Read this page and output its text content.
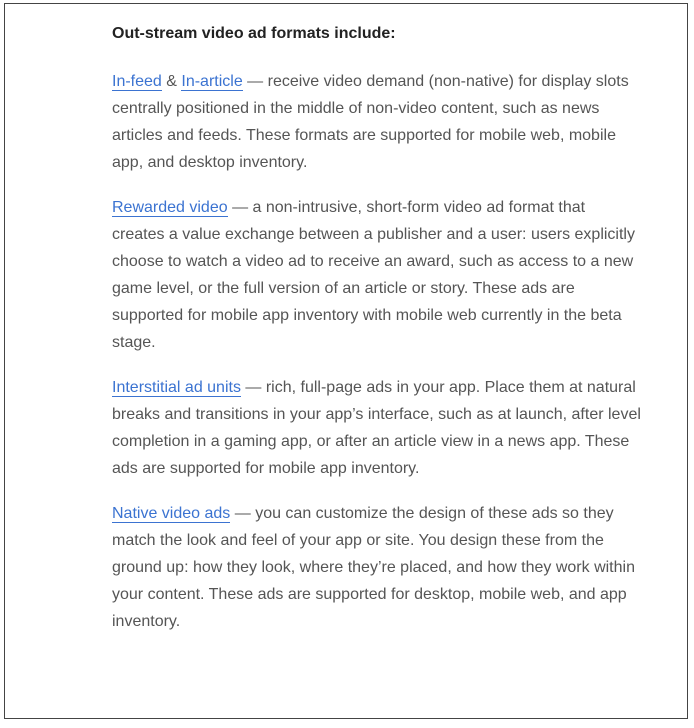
Out-stream video ad formats include:

In-feed & In-article — receive video demand (non-native) for display slots centrally positioned in the middle of non-video content, such as news articles and feeds. These formats are supported for mobile web, mobile app, and desktop inventory.

Rewarded video — a non-intrusive, short-form video ad format that creates a value exchange between a publisher and a user: users explicitly choose to watch a video ad to receive an award, such as access to a new game level, or the full version of an article or story. These ads are supported for mobile app inventory with mobile web currently in the beta stage.

Interstitial ad units — rich, full-page ads in your app. Place them at natural breaks and transitions in your app’s interface, such as at launch, after level completion in a gaming app, or after an article view in a news app. These ads are supported for mobile app inventory.

Native video ads — you can customize the design of these ads so they match the look and feel of your app or site. You design these from the ground up: how they look, where they’re placed, and how they work within your content. These ads are supported for desktop, mobile web, and app inventory.
